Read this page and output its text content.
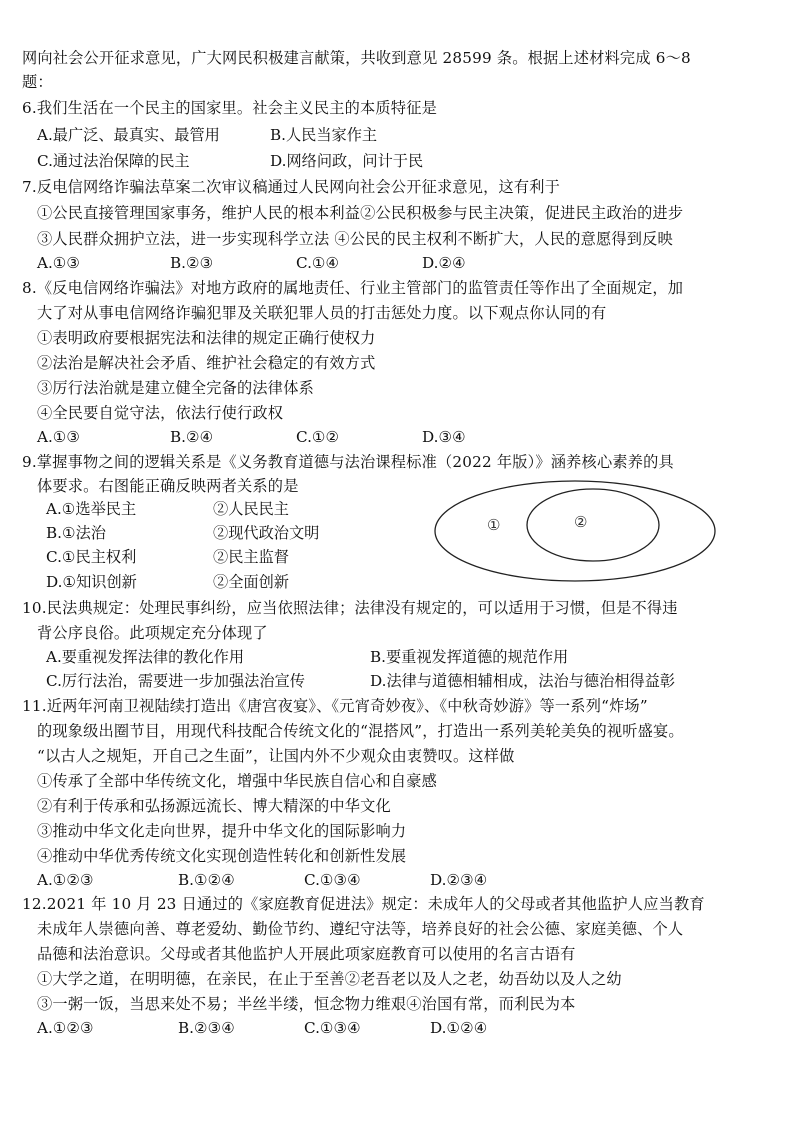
网向社会公开征求意见，广大网民积极建言献策，共收到意见 28599 条。根据上述材料完成 6～8
题：
6.我们生活在一个民主的国家里。社会主义民主的本质特征是
A.最广泛、最真实、最管用	B.人民当家作主
C.通过法治保障的民主	D.网络问政，问计于民
7.反电信网络诈骗法草案二次审议稿通过人民网向社会公开征求意见，这有利于
①公民直接管理国家事务，维护人民的根本利益②公民积极参与民主决策，促进民主政治的进步
③人民群众拥护立法，进一步实现科学立法 ④公民的民主权利不断扩大，人民的意愿得到反映
A.①③	B.②③	C.①④	D.②④
8.《反电信网络诈骗法》对地方政府的属地责任、行业主管部门的监管责任等作出了全面规定，加
大了对从事电信网络诈骗犯罪及关联犯罪人员的打击惩处力度。以下观点你认同的有
①表明政府要根据宪法和法律的规定正确行使权力
②法治是解决社会矛盾、维护社会稳定的有效方式
③厉行法治就是建立健全完备的法律体系
④全民要自觉守法，依法行使行政权
A.①③	B.②④	C.①②	D.③④
9.掌握事物之间的逻辑关系是《义务教育道德与法治课程标准（2022 年版）》涵养核心素养的具
体要求。右图能正确反映两者关系的是
A.①选举民主	②人民民主
B.①法治	②现代政治文明
C.①民主权利	②民主监督
D.①知识创新	②全面创新
①	②
10.民法典规定：处理民事纠纷，应当依照法律；法律没有规定的，可以适用于习惯，但是不得违
背公序良俗。此项规定充分体现了
A.要重视发挥法律的教化作用	B.要重视发挥道德的规范作用
C.厉行法治，需要进一步加强法治宣传	D.法律与道德相辅相成，法治与德治相得益彰
11.近两年河南卫视陆续打造出《唐宫夜宴》、《元宵奇妙夜》、《中秋奇妙游》等一系列“炸场”
的现象级出圈节目，用现代科技配合传统文化的“混搭风”，打造出一系列美轮美奂的视听盛宴。
“以古人之规矩，开自己之生面”，让国内外不少观众由衷赞叹。这样做
①传承了全部中华传统文化，增强中华民族自信心和自豪感
②有利于传承和弘扬源远流长、博大精深的中华文化
③推动中华文化走向世界，提升中华文化的国际影响力
④推动中华优秀传统文化实现创造性转化和创新性发展
A.①②③	B.①②④	C.①③④	D.②③④
12.2021 年 10 月 23 日通过的《家庭教育促进法》规定：未成年人的父母或者其他监护人应当教育
未成年人崇德向善、尊老爱幼、勤俭节约、遵纪守法等，培养良好的社会公德、家庭美德、个人
品德和法治意识。父母或者其他监护人开展此项家庭教育可以使用的名言古语有
①大学之道，在明明德，在亲民，在止于至善②老吾老以及人之老，幼吾幼以及人之幼
③一粥一饭，当思来处不易；半丝半缕，恒念物力维艰④治国有常，而利民为本
A.①②③	B.②③④	C.①③④	D.①②④
